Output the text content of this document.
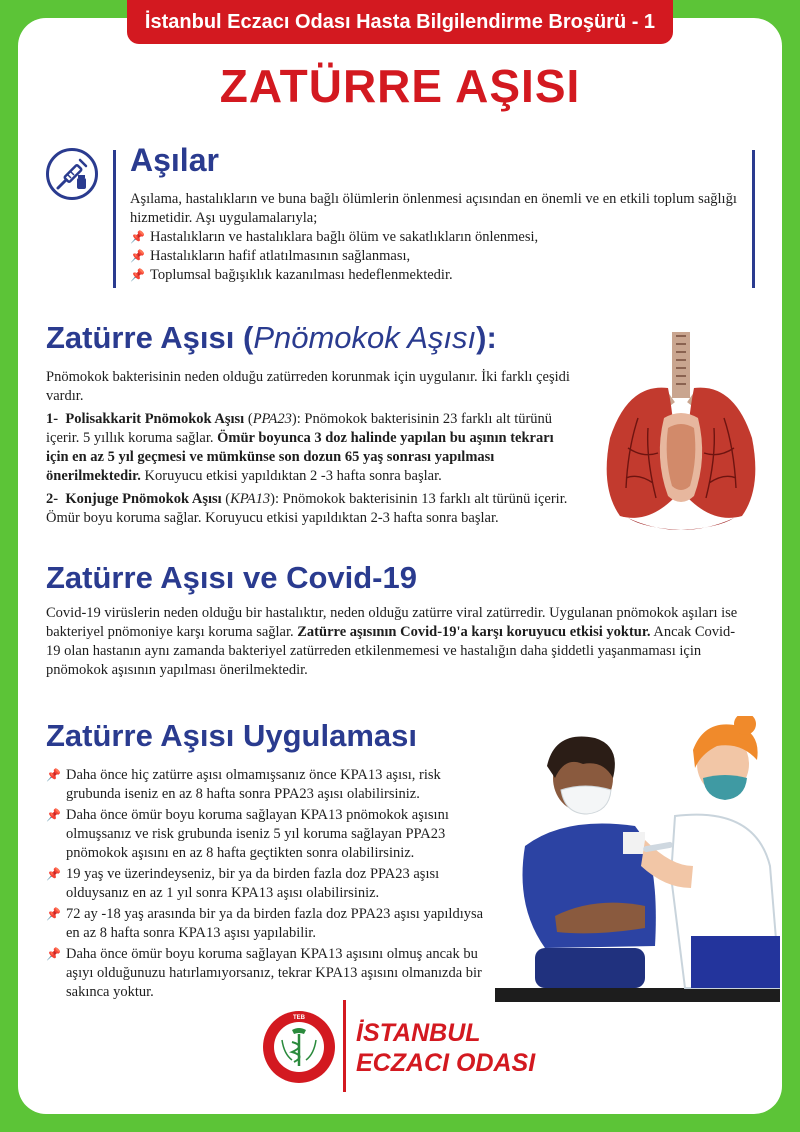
İstanbul Eczacı Odası Hasta Bilgilendirme Broşürü - 1
ZATÜRRE AŞISI
Aşılar
Aşılama, hastalıkların ve buna bağlı ölümlerin önlenmesi açısından en önemli ve en etkili toplum sağlığı hizmetidir. Aşı uygulamalarıyla;
📌 Hastalıkların ve hastalıklara bağlı ölüm ve sakatlıkların önlenmesi,
📌 Hastalıkların hafif atlatılmasının sağlanması,
📌 Toplumsal bağışıklık kazanılması hedeflenmektedir.
Zatürre Aşısı (Pnömokok Aşısı):
Pnömokok bakterisinin neden olduğu zatürreden korunmak için uygulanır. İki farklı çeşidi vardır.
1- Polisakkarit Pnömokok Aşısı (PPA23): Pnömokok bakterisinin 23 farklı alt türünü içerir. 5 yıllık koruma sağlar. Ömür boyunca 3 doz halinde yapılan bu aşının tekrarı için en az 5 yıl geçmesi ve mümkünse son dozun 65 yaş sonrası yapılması önerilmektedir. Koruyucu etkisi yapıldıktan 2 -3 hafta sonra başlar.
2- Konjuge Pnömokok Aşısı (KPA13): Pnömokok bakterisinin 13 farklı alt türünü içerir. Ömür boyu koruma sağlar. Koruyucu etkisi yapıldıktan 2-3 hafta sonra başlar.
Zatürre Aşısı ve Covid-19
Covid-19 virüslerin neden olduğu bir hastalıktır, neden olduğu zatürre viral zatürredir. Uygulanan pnömokok aşıları ise bakteriyel pnömoniye karşı koruma sağlar. Zatürre aşısının Covid-19'a karşı koruyucu etkisi yoktur. Ancak Covid-19 olan hastanın aynı zamanda bakteriyel zatürreden etkilenmemesi ve hastalığın daha şiddetli yaşanmaması için pnömokok aşısının yapılması önerilmektedir.
Zatürre Aşısı Uygulaması
📌 Daha önce hiç zatürre aşısı olmamışsanız önce KPA13 aşısı, risk grubunda iseniz en az 8 hafta sonra PPA23 aşısı olabilirsiniz.
📌 Daha önce ömür boyu koruma sağlayan KPA13 pnömokok aşısını olmuşsanız ve risk grubunda iseniz 5 yıl koruma sağlayan PPA23 pnömokok aşısını en az 8 hafta geçtikten sonra olabilirsiniz.
📌 19 yaş ve üzerindeyseniz, bir ya da birden fazla doz PPA23 aşısı olduysanız en az 1 yıl sonra KPA13 aşısı olabilirsiniz.
📌 72 ay -18 yaş arasında bir ya da birden fazla doz PPA23 aşısı yapıldıysa en az 8 hafta sonra KPA13 aşısı yapılabilir.
📌 Daha önce ömür boyu koruma sağlayan KPA13 aşısını olmuş ancak bu aşıyı olduğunuzu hatırlamıyorsanız, tekrar KPA13 aşısını olmanızda bir sakınca yoktur.
TEB
İSTANBUL
ECZACI ODASI
